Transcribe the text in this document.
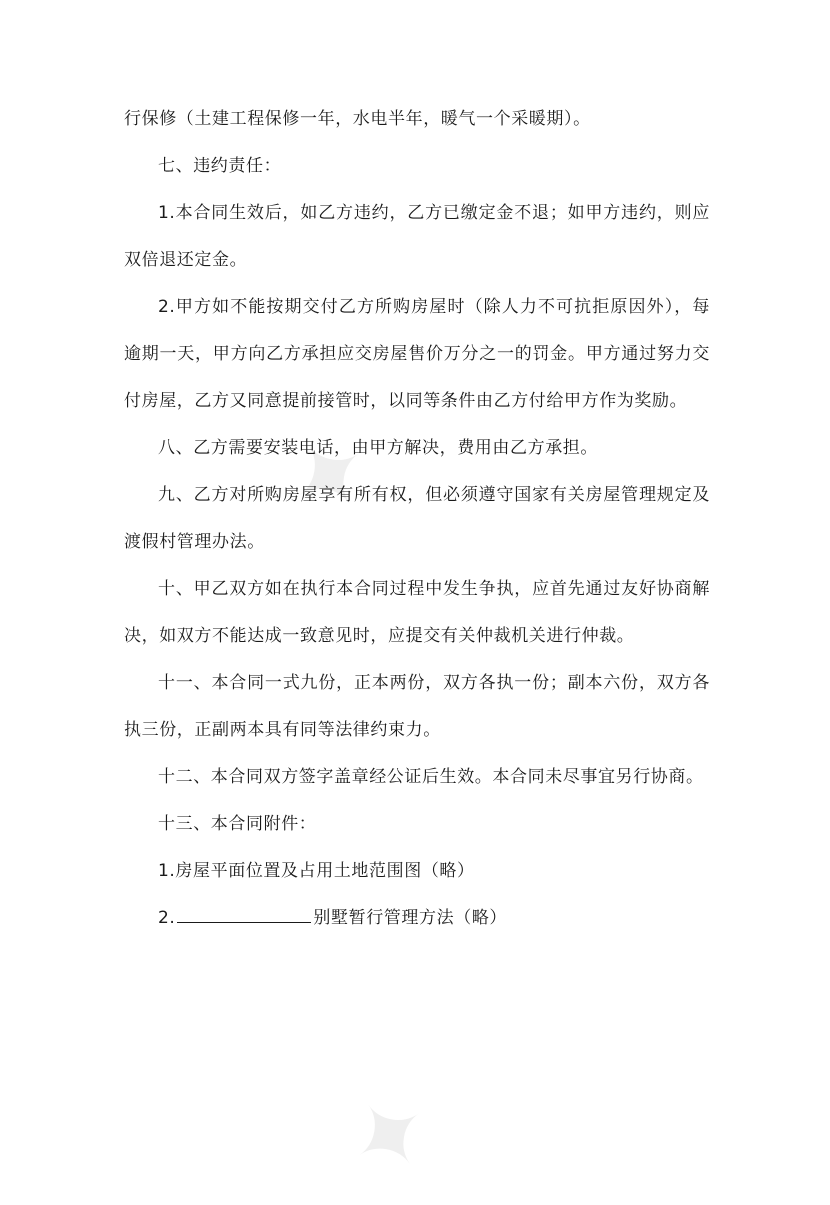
✦
✦

行保修（土建工程保修一年，水电半年，暖气一个采暖期）。

七、违约责任：

1.本合同生效后，如乙方违约，乙方已缴定金不退；如甲方违约，则应双倍退还定金。

2.甲方如不能按期交付乙方所购房屋时（除人力不可抗拒原因外），每逾期一天，甲方向乙方承担应交房屋售价万分之一的罚金。甲方通过努力交付房屋，乙方又同意提前接管时，以同等条件由乙方付给甲方作为奖励。

八、乙方需要安装电话，由甲方解决，费用由乙方承担。

九、乙方对所购房屋享有所有权，但必须遵守国家有关房屋管理规定及渡假村管理办法。

十、甲乙双方如在执行本合同过程中发生争执，应首先通过友好协商解决，如双方不能达成一致意见时，应提交有关仲裁机关进行仲裁。

十一、本合同一式九份，正本两份，双方各执一份；副本六份，双方各执三份，正副两本具有同等法律约束力。

十二、本合同双方签字盖章经公证后生效。本合同未尽事宜另行协商。

十三、本合同附件：

1.房屋平面位置及占用土地范围图（略）

2.	别墅暂行管理方法（略）
